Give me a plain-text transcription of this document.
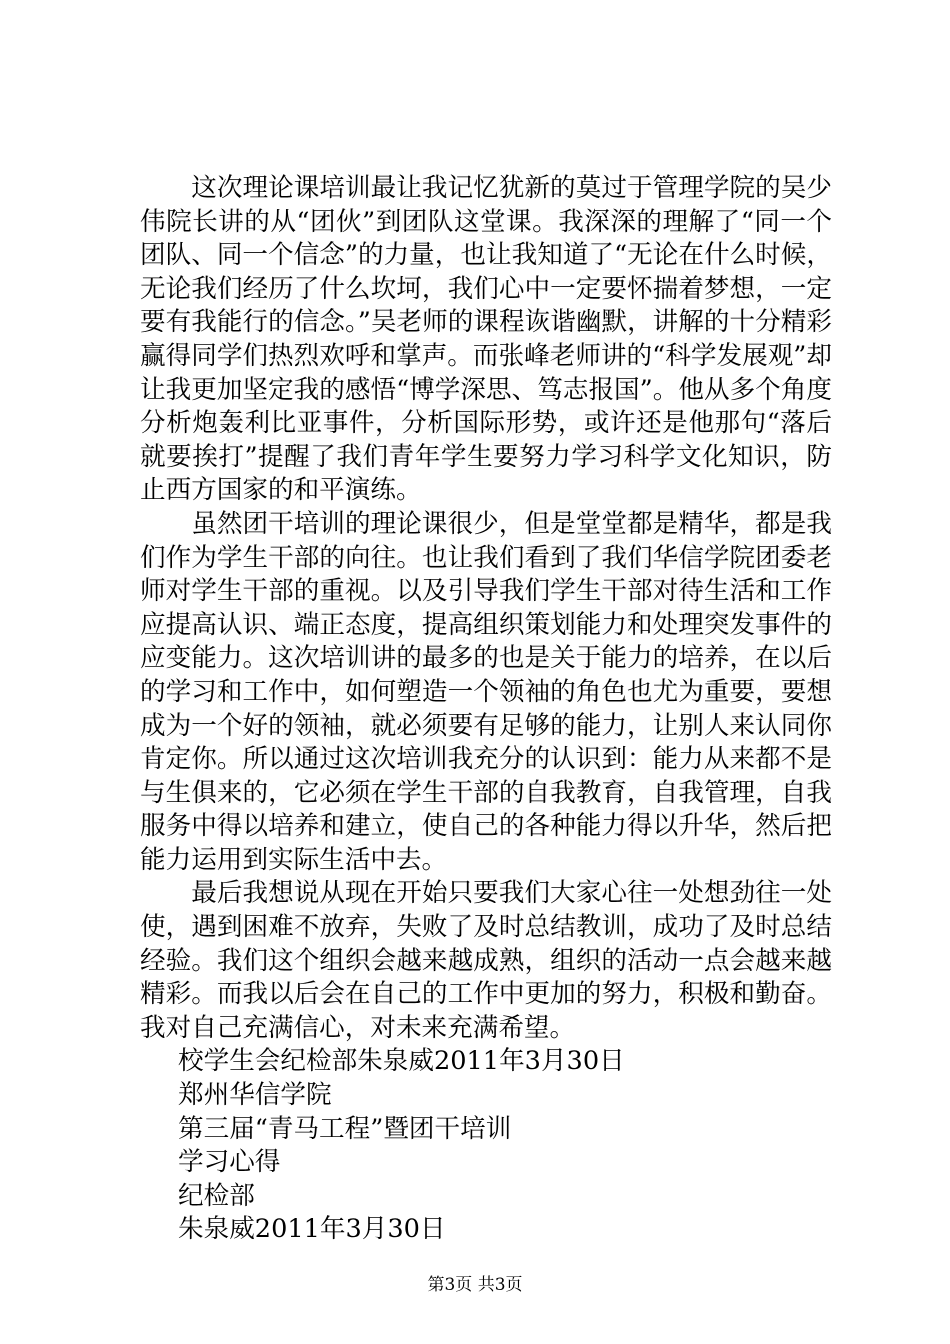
这次理论课培训最让我记忆犹新的莫过于管理学院的吴少伟院长讲的从“团伙”到团队这堂课。我深深的理解了“同一个团队、同一个信念”的力量，也让我知道了“无论在什么时候，无论我们经历了什么坎坷，我们心中一定要怀揣着梦想，一定要有我能行的信念。”吴老师的课程诙谐幽默，讲解的十分精彩赢得同学们热烈欢呼和掌声。而张峰老师讲的“科学发展观”却让我更加坚定我的感悟“博学深思、笃志报国”。他从多个角度分析炮轰利比亚事件，分析国际形势，或许还是他那句“落后就要挨打”提醒了我们青年学生要努力学习科学文化知识，防止西方国家的和平演练。

虽然团干培训的理论课很少，但是堂堂都是精华，都是我们作为学生干部的向往。也让我们看到了我们华信学院团委老师对学生干部的重视。以及引导我们学生干部对待生活和工作应提高认识、端正态度，提高组织策划能力和处理突发事件的应变能力。这次培训讲的最多的也是关于能力的培养，在以后的学习和工作中，如何塑造一个领袖的角色也尤为重要，要想成为一个好的领袖，就必须要有足够的能力，让别人来认同你肯定你。所以通过这次培训我充分的认识到：能力从来都不是与生俱来的，它必须在学生干部的自我教育，自我管理，自我服务中得以培养和建立，使自己的各种能力得以升华，然后把能力运用到实际生活中去。

最后我想说从现在开始只要我们大家心往一处想劲往一处使，遇到困难不放弃，失败了及时总结教训，成功了及时总结经验。我们这个组织会越来越成熟，组织的活动一点会越来越精彩。而我以后会在自己的工作中更加的努力，积极和勤奋。我对自己充满信心，对未来充满希望。

校学生会纪检部朱泉威2011年3月30日

郑州华信学院

第三届“青马工程”暨团干培训

学习心得

纪检部

朱泉威2011年3月30日

第3页 共3页
